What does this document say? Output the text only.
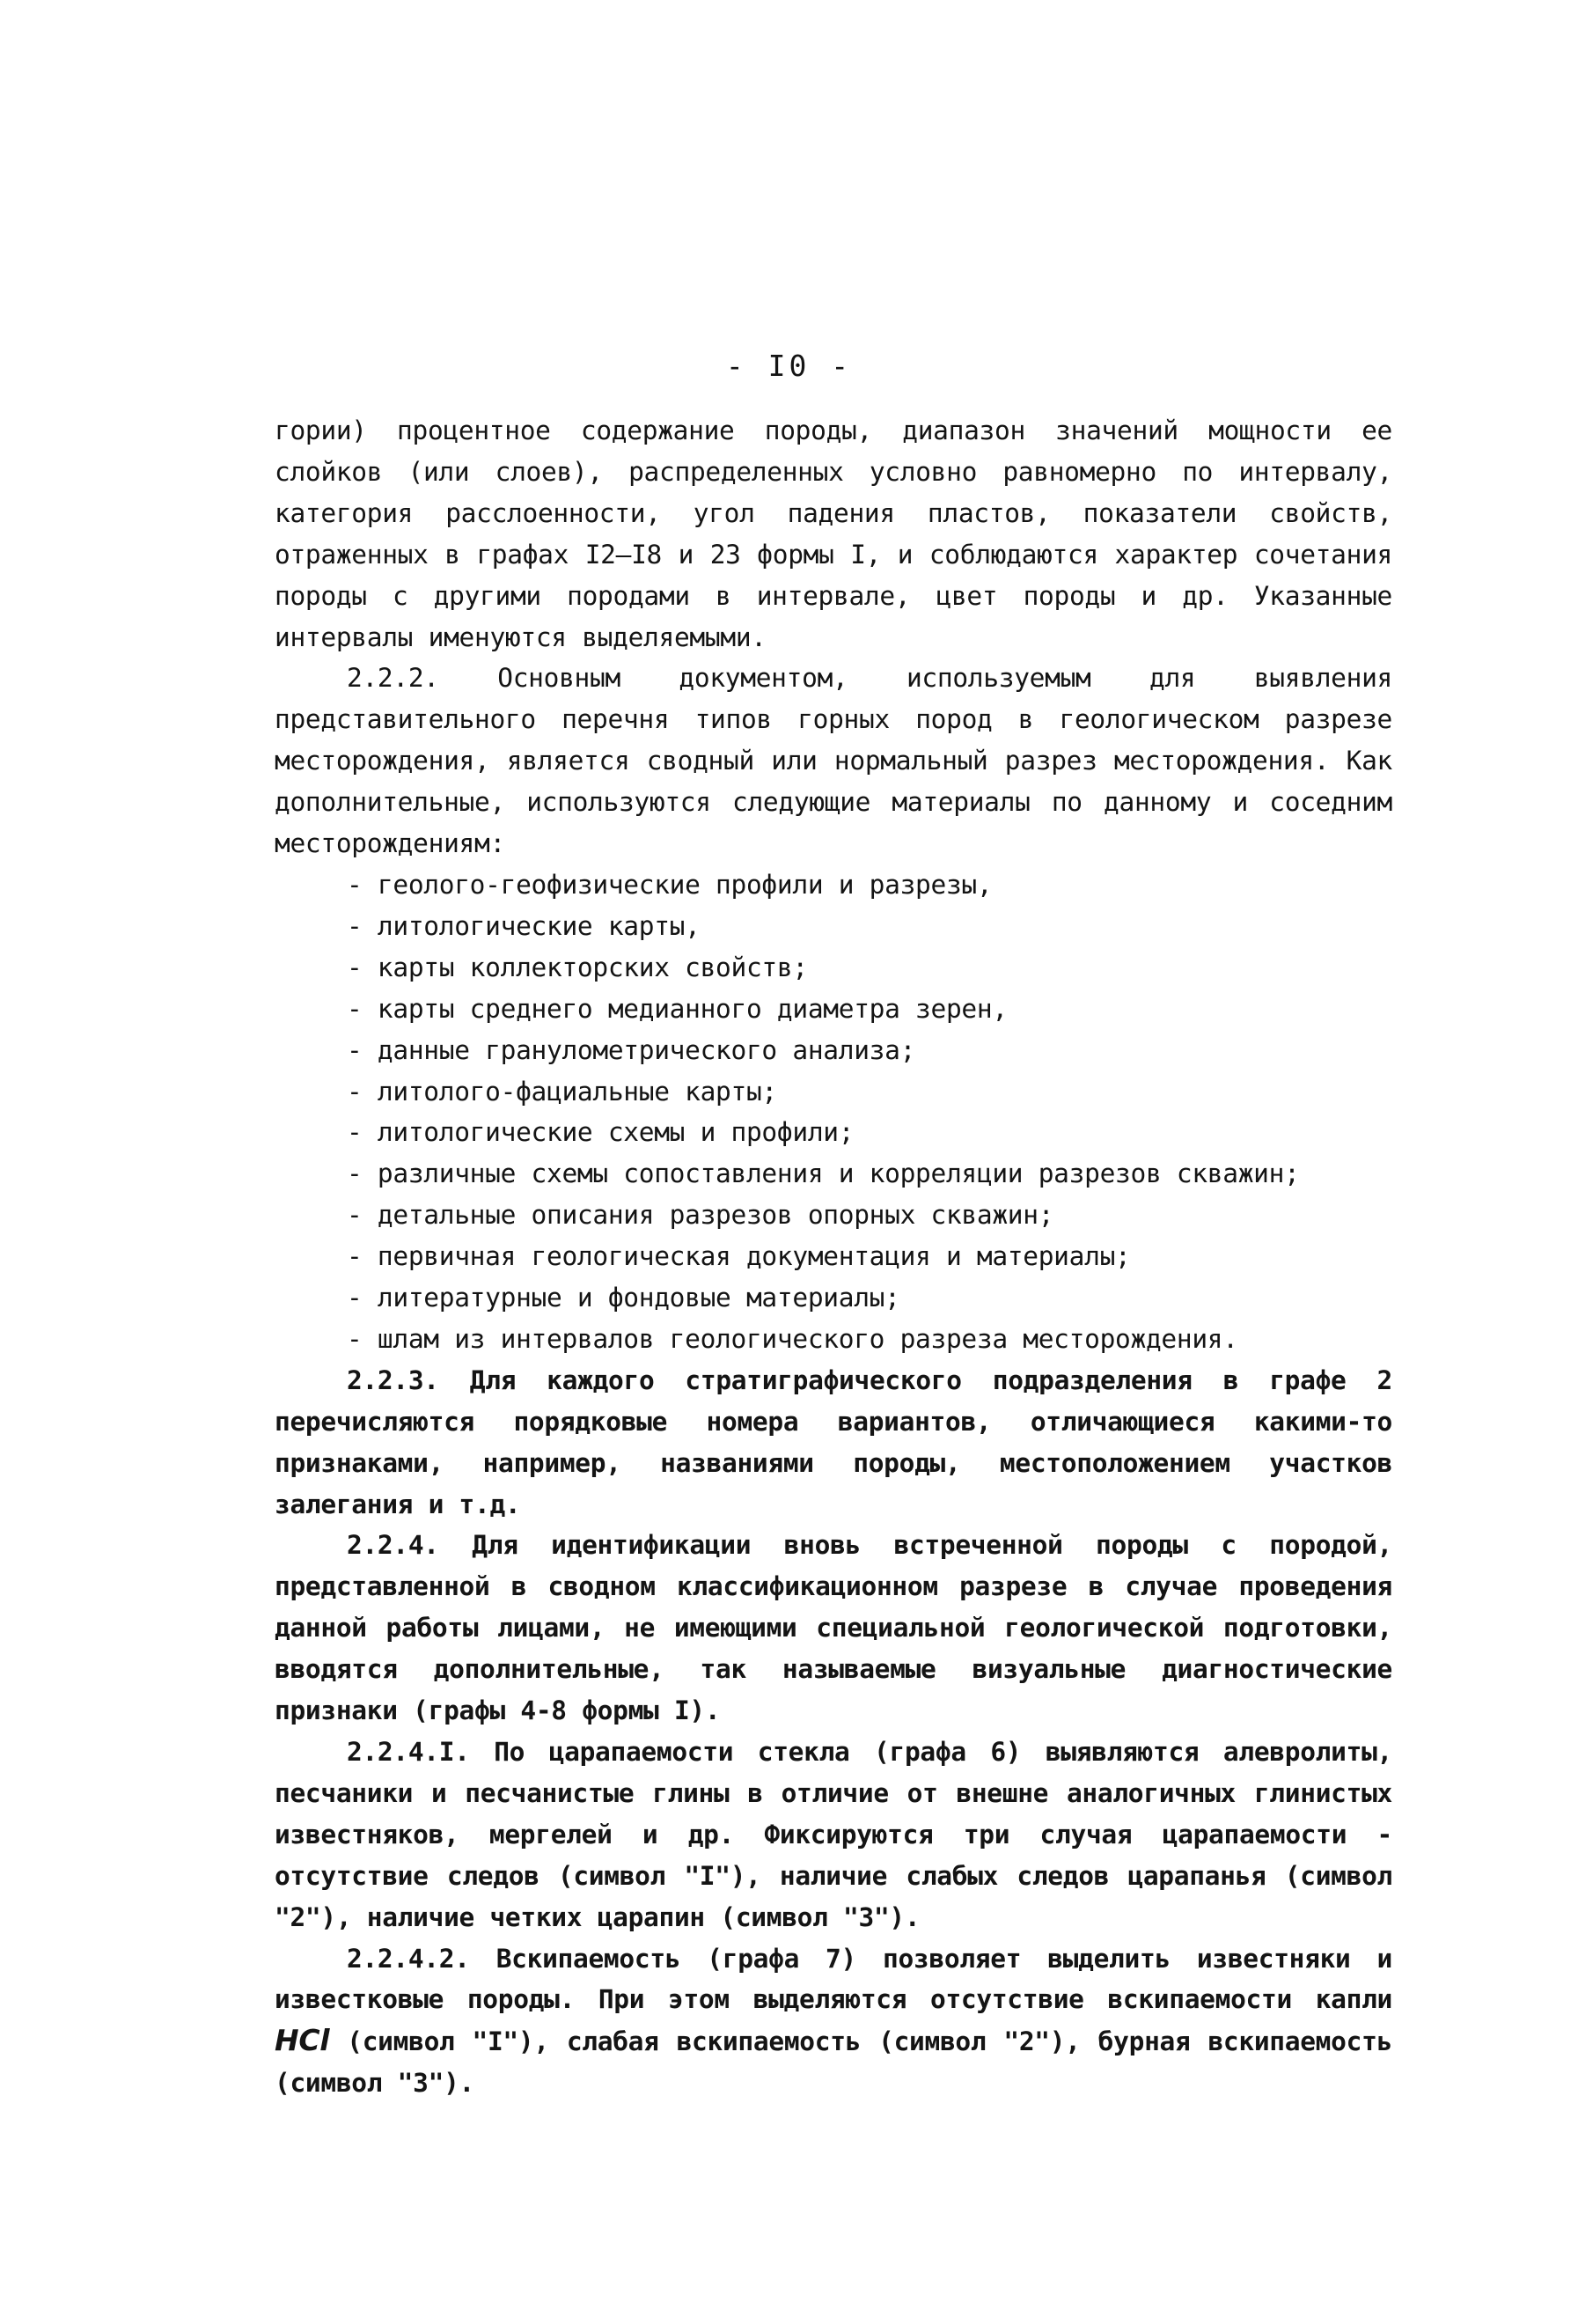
- I0 -

гории) процентное содержание породы, диапазон значений мощности ее слойков (или слоев), распределенных условно равномерно по интервалу, категория расслоенности, угол падения пластов, показатели свойств, отраженных в графах I2–I8 и 23 формы I, и соблюдаются характер сочетания породы с другими породами в интервале, цвет породы и др. Указанные интервалы именуются выделяемыми.

2.2.2. Основным документом, используемым для выявления представительного перечня типов горных пород в геологическом разрезе месторождения, является сводный или нормальный разрез месторождения. Как дополнительные, используются следующие материалы по данному и соседним месторождениям:

- геолого-геофизические профили и разрезы,
- литологические карты,
- карты коллекторских свойств;
- карты среднего медианного диаметра зерен,
- данные гранулометрического анализа;
- литолого-фациальные карты;
- литологические схемы и профили;
- различные схемы сопоставления и корреляции разрезов скважин;
- детальные описания разрезов опорных скважин;
- первичная геологическая документация и материалы;
- литературные и фондовые материалы;
- шлам из интервалов геологического разреза месторождения.

2.2.3. Для каждого стратиграфического подразделения в графе 2 перечисляются порядковые номера вариантов, отличающиеся какими-то признаками, например, названиями породы, местоположением участков залегания и т.д.

2.2.4. Для идентификации вновь встреченной породы с породой, представленной в сводном классификационном разрезе в случае проведения данной работы лицами, не имеющими специальной геологической подготовки, вводятся дополнительные, так называемые визуальные диагностические признаки (графы 4-8 формы I).

2.2.4.I. По царапаемости стекла (графа 6) выявляются алевролиты, песчаники и песчанистые глины в отличие от внешне аналогичных глинистых известняков, мергелей и др. Фиксируются три случая царапаемости - отсутствие следов (символ "I"), наличие слабых следов царапанья (символ "2"), наличие четких царапин (символ "3").

2.2.4.2. Вскипаемость (графа 7) позволяет выделить известняки и известковые породы. При этом выделяются отсутствие вскипаемости капли HCl (символ "I"), слабая вскипаемость (символ "2"), бурная вскипаемость (символ "3").
